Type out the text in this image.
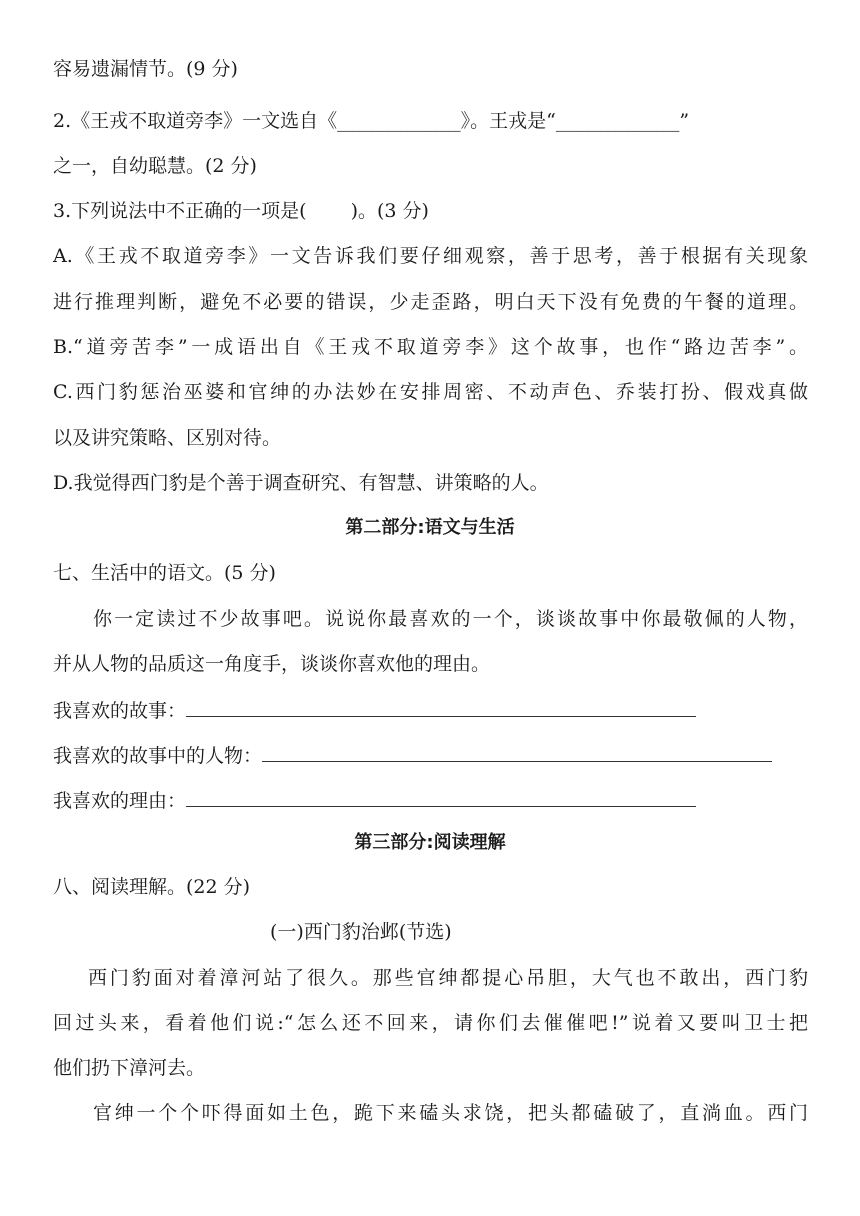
容易遗漏情节。(9 分)
2.《王戎不取道旁李》一文选自《_____________》。王戎是“_____________”
之一，自幼聪慧。(2 分)
3.下列说法中不正确的一项是(　　 )。(3 分)
A.《王戎不取道旁李》一文告诉我们要仔细观察，善于思考，善于根据有关现象
进行推理判断，避免不必要的错误，少走歪路，明白天下没有免费的午餐的道理。
B.“道旁苦李”一成语出自《王戎不取道旁李》这个故事，也作“路边苦李”。
C.西门豹惩治巫婆和官绅的办法妙在安排周密、不动声色、乔装打扮、假戏真做
以及讲究策略、区别对待。
D.我觉得西门豹是个善于调查研究、有智慧、讲策略的人。
第二部分:语文与生活
七、生活中的语文。(5 分)
你一定读过不少故事吧。说说你最喜欢的一个，谈谈故事中你最敬佩的人物，
并从人物的品质这一角度手，谈谈你喜欢他的理由。
我喜欢的故事：
我喜欢的故事中的人物：
我喜欢的理由：
第三部分:阅读理解
八、阅读理解。(22 分)
(一)西门豹治邺(节选)
西门豹面对着漳河站了很久。那些官绅都提心吊胆，大气也不敢出，西门豹
回过头来，看着他们说:“怎么还不回来，请你们去催催吧!”说着又要叫卫士把
他们扔下漳河去。
官绅一个个吓得面如土色，跪下来磕头求饶，把头都磕破了，直淌血。西门
